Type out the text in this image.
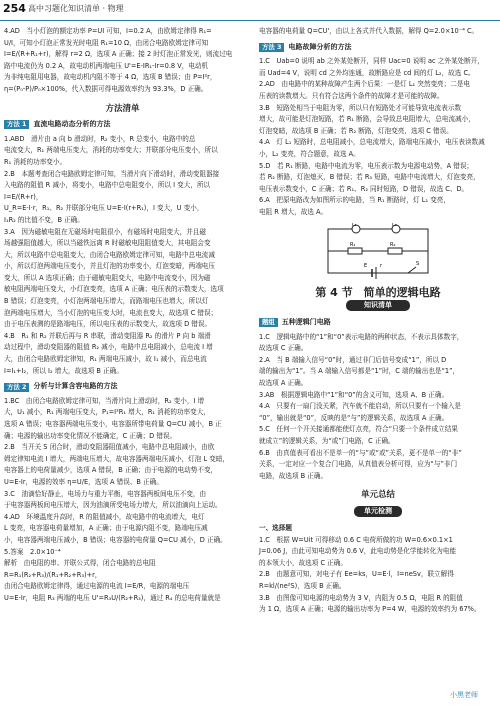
254 高中习题化知识清单 · 物理

4.AD　当小灯泡的额定功率 P=UI 可知，I=0.2 A，由欧姆定律得 R₁=

U/I，可知小灯泡正常发光时电阻 R₁=10 Ω，由闭合电路欧姆定律可知

I=E/(R+R₁+r)，解得 r=2 Ω，选项 A 正确；接 2 时灯泡正常发光，则流过电

路中电流仍为 0.2 A，故电动机两端电压 U'=E-IR₁-Ir=0.8 V，电动机

为非纯电阻用电器，故电动机内阻不等于 4 Ω，选项 B 错误；由 P=I²r，

η=(P₀-P)/P₀×100%，代入数据可得电源效率约为 93.3%，D 正确。

方法清单
方法 1	直流电路动态分析的方法

1.ABD　滑片由 a 向 b 滑动时，R₂ 变小，R 总变小，电路中的总

电流变大，R₁ 两端电压变大，消耗的功率变大；并联部分电压变小，所以

R₁ 消耗的功率变小。

2.B　本题考查闭合电路欧姆定律可知，当滑片向下滑动时，滑动变阻器接

入电路的阻值 R 减小，将变小，电路中总电阻变小，所以 I 变大，所以 I=E/(R+r)，

U_R=E-I·r，R₁、R₂ 并联部分电压 U=E-I(r+R₁)，I 变大，U 变小，

I₁R₂ 的比值不变，B 正确。

3.A　因为磁敏电阻在无磁场时电阻很小，有磁场时电阻变大，并且磁

场越强阻值越大，所以当磁铁远离 R 时磁敏电阻阻值变大，其电阻会变

大，所以电路中总电阻变大，由闭合电路欧姆定律可知，电路中总电流减

小，所以灯泡两端电压变小，并且灯泡的功率变小，灯泡变暗，两端电压

变大，所以 A 选项正确；由于磁敏电阻变大，电路中电流变小，因为磁

敏电阻两端电压变大，小灯泡变亮，选项 A 正确；电压表的示数变大，选项

B 错误；灯泡变亮，小灯泡两端电压增大，而路端电压也增大，所以灯

泡两端电压增大，当小灯泡的电压变大时，电流也变大，故选项 C 错误；

由于电压表测的是路端电压，所以电压表的示数变大，故选项 D 错误。

4.B　R₁ 和 R₂ 并联后再与 R 串联，滑动变阻器 R₂ 的滑片 P 向 b 端滑

动过程中，滑动变阻器的阻值 R₂ 减小，电路中总电阻减小，总电流 I 增

大，由闭合电路欧姆定律知，R₁ 两端电压减小，故 I₁ 减小，而总电流

I=I₁+I₂，所以 I₂ 增大，故选项 B 正确。

方法 2	分析与计算含容电路的方法

1.BC　由闭合电路欧姆定律可知，当滑片向上滑动时，R₂ 变小，I 增

大，U₁ 减小，R₁ 两端电压变大，P₁=I²R₁ 增大，R₁ 消耗的功率变大，

选项 A 错误；电容器两端电压变小，电容器所带电荷量 Q=CU 减小，B 正

确；电源的输出功率变化情况不能确定，C 正确；D 错误。

2.B　当开关 S 闭合时，滑动变阻器阻值减小，电路中总电阻减小，由欧

姆定律知电流 I 增大，两端电压增大，故电容器两端电压减小，灯泡 L 变暗，

电容器上的电荷量减少，选项 A 错误，B 正确；由于电源的电动势不变，

U=E-Ir，电源的效率 η=U/E，选项 A 错误、B 正确。

3.C　油滴恰好静止，电场力与重力平衡，电容器两板间电压不变，由

于电容器两板间电压增大，因为油滴所受电场力增大，所以油滴向上运动。

4.AD　环境温度升高时，R 的阻值减小，故电路中的电流增大，电灯

L 变亮，电容器电荷量增加，A 正确；由于电源内阻不变，路端电压减

小，电容器两端电压减小，B 错误；电容器的电荷量 Q=CU 减小，D 正确。

5.答案　2.0×10⁻⁴

解析　由电阻的串、并联公式得，闭合电路的总电阻 R=R₁(R₂+R₃)/(R₁+R₂+R₃)+r，

由闭合电路欧姆定律得，通过电源的电流 I=E/R，电源的端电压

U=E-Ir，电阻 R₃ 两端的电压 U'=R₃U/(R₂+R₃)，通过 R₄ 的总电荷量就是

电容器的电荷量 Q=CU'，由以上各式并代入数据，解得 Q=2.0×10⁻⁴ C。

方法 3	电路故障分析的方法

1.C　Uab=0 说明 ab 之外某处断开，同样 Uac=0 说明 ac 之外某处断开，

而 Uad=4 V，说明 cd 之外均连通，故断路应是 cd 间的灯 L₂，故选 C。

2.AD　由电路中的某种故障产生两个后果：一是灯 L₁ 突然变亮；二是电

压表的读数增大。只有符合这两个条件的故障才是可能的故障。

3.B　短路处相当于电阻为零，所以只有短路处才可能导致电流表示数

增大，故可能是灯泡短路，若 R₁ 断路，会导致总电阻增大，总电流减小，

灯泡变暗，故选项 B 正确；若 R₂ 断路，灯泡变亮，选项 C 错误。

4.A　灯 L₁ 短路时，总电阻减小，总电流增大，路端电压减小，电压表读数减

小，L₂ 变亮，符合题意，故选 A。

5.D　若 R₁ 断路，电路中电流为零，电压表示数为电源电动势，A 错误；

若 R₂ 断路，灯泡熄灭，B 错误；若 R₃ 短路，电路中电流增大，灯泡变亮，

电压表示数变小，C 正确；若 R₁、R₂ 同时短路，D 错误，故选 C、D。

6.A　把原电路改为如图所示的电路，当 R₁ 断路时，灯 L₁ 变亮，

电阻 R 增大，故选 A。

L₁	L₂
R₁	R₂
E	r	S
第 4 节　简单的逻辑电路
知识清单
题组	五种逻辑门电路

1.C　逻辑电路中的“1”和“0”表示电路的两种状态，不表示具体数字，

故选项 C 正确。

2.A　当 B 端输入信号“0”时，通过非门后信号变成“1”，所以 D

端的输出为“1”。当 A 端输入信号都是“1”时，C 端的输出也是“1”，

故选项 A 正确。

3.AB　根据逻辑电路中“1”和“0”的含义可知，选项 A、B 正确。

4.A　只要有一扇门没关紧，汽车就不能启动，所以只要有一个输入是

“0”，输出就是“0”，反映的是“与”的逻辑关系，故选项 A 正确。

5.C　任何一个开关接通都能使灯点亮，符合“只要一个条件成立结果

就成立”的逻辑关系，为“或”门电路，C 正确。

6.B　由真值表可看出不是单一的“与”或“或”关系，更不是单一的“非”

关系，一定对应一个复合门电路，从真值表分析可得，应为“与”非门

电路，故选项 B 正确。

单元总结
单元检测

一、选择题

1.C　根据 W=Uit 可得移动 0.6 C 电荷所做的功 W=0.6×0.1×1

J=0.06 J，由此可知电动势为 0.6 V，此电动势是化学能转化为电能

的本领大小，故选项 C 正确。

2.B　由题意可知，对电子有 Ee=ks，U=E·l，I=neSv，联立解得

R=kl/(ne²S)，选项 B 正确。

3.B　由图像可知电源的电动势为 3 V，内阻为 0.5 Ω，电阻 R 的阻值

为 1 Ω，选项 A 正确；电源的输出功率为 P=4 W，电源的效率约为 67%。

小黑老师
